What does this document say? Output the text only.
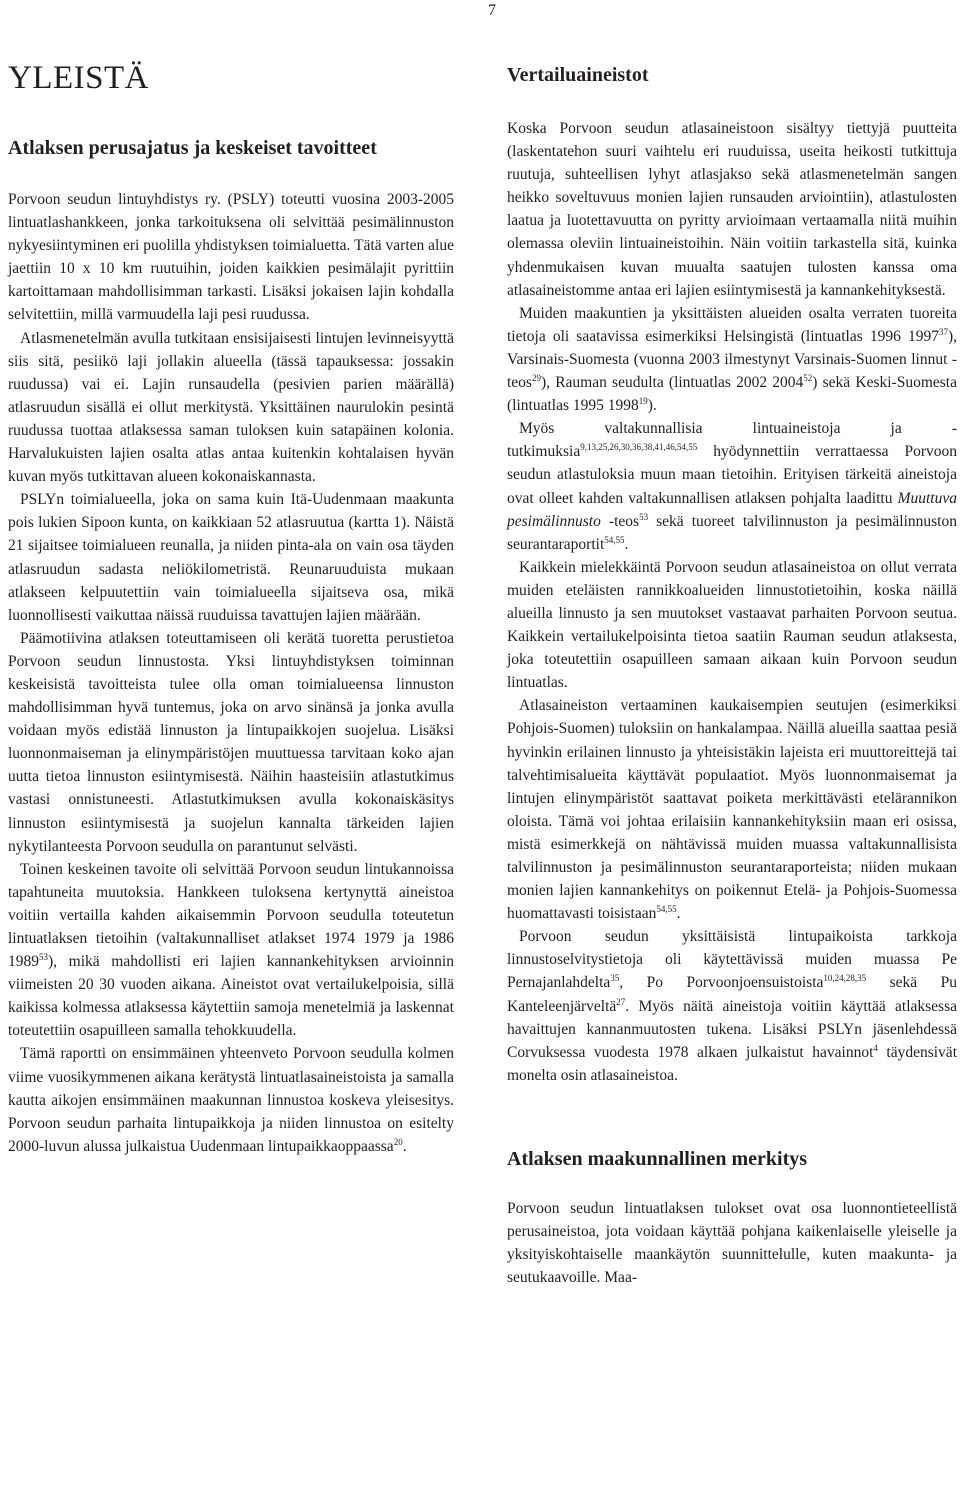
7
YLEISTÄ
Atlaksen perusajatus ja keskeiset tavoitteet

Porvoon seudun lintuyhdistys ry. (PSLY) toteutti vuosina 2003-2005 lintuatlashankkeen, jonka tarkoituksena oli selvittää pesimälinnuston nykyesiintyminen eri puolilla yhdistyksen toimialuetta. Tätä varten alue jaettiin 10 x 10 km ruutuihin, joiden kaikkien pesimälajit pyrittiin kartoittamaan mahdollisimman tarkasti. Lisäksi jokaisen lajin kohdalla selvitettiin, millä varmuudella laji pesi ruudussa.

Atlasmenetelmän avulla tutkitaan ensisijaisesti lintujen levinneisyyttä siis sitä, pesiikö laji jollakin alueella (tässä tapauksessa: jossakin ruudussa) vai ei. Lajin runsaudella (pesivien parien määrällä) atlasruudun sisällä ei ollut merkitystä. Yksittäinen naurulokin pesintä ruudussa tuottaa atlaksessa saman tuloksen kuin satapäinen kolonia. Harvalukuisten lajien osalta atlas antaa kuitenkin kohtalaisen hyvän kuvan myös tutkittavan alueen kokonaiskannasta.

PSLYn toimialueella, joka on sama kuin Itä-Uudenmaan maakunta pois lukien Sipoon kunta, on kaikkiaan 52 atlasruutua (kartta 1). Näistä 21 sijaitsee toimialueen reunalla, ja niiden pinta-ala on vain osa täyden atlasruudun sadasta neliökilometristä. Reunaruuduista mukaan atlakseen kelpuutettiin vain toimialueella sijaitseva osa, mikä luonnollisesti vaikuttaa näissä ruuduissa tavattujen lajien määrään.

Päämotiivina atlaksen toteuttamiseen oli kerätä tuoretta perustietoa Porvoon seudun linnustosta. Yksi lintuyhdistyksen toiminnan keskeisistä tavoitteista tulee olla oman toimialueensa linnuston mahdollisimman hyvä tuntemus, joka on arvo sinänsä ja jonka avulla voidaan myös edistää linnuston ja lintupaikkojen suojelua. Lisäksi luonnonmaiseman ja elinympäristöjen muuttuessa tarvitaan koko ajan uutta tietoa linnuston esiintymisestä. Näihin haasteisiin atlastutkimus vastasi onnistuneesti. Atlastutkimuksen avulla kokonaiskäsitys linnuston esiintymisestä ja suojelun kannalta tärkeiden lajien nykytilanteesta Porvoon seudulla on parantunut selvästi.

Toinen keskeinen tavoite oli selvittää Porvoon seudun lintukannoissa tapahtuneita muutoksia. Hankkeen tuloksena kertynyttä aineistoa voitiin vertailla kahden aikaisemmin Porvoon seudulla toteutetun lintuatlaksen tietoihin (valtakunnalliset atlakset 1974 1979 ja 1986 1989$^{53}$), mikä mahdollisti eri lajien kannankehityksen arvioinnin viimeisten 20 30 vuoden aikana. Aineistot ovat vertailukelpoisia, sillä kaikissa kolmessa atlaksessa käytettiin samoja menetelmiä ja laskennat toteutettiin osapuilleen samalla tehokkuudella.

Tämä raportti on ensimmäinen yhteenveto Porvoon seudulla kolmen viime vuosikymmenen aikana kerätystä lintuatlasaineistoista ja samalla kautta aikojen ensimmäinen maakunnan linnustoa koskeva yleisesitys. Porvoon seudun parhaita lintupaikkoja ja niiden linnustoa on esitelty 2000-luvun alussa julkaistua Uudenmaan lintupaikkaoppaassa$^{20}$.

Vertailuaineistot

Koska Porvoon seudun atlasaineistoon sisältyy tiettyjä puutteita (laskentatehon suuri vaihtelu eri ruuduissa, useita heikosti tutkittuja ruutuja, suhteellisen lyhyt atlasjakso sekä atlasmenetelmän sangen heikko soveltuvuus monien lajien runsauden arviointiin), atlastulosten laatua ja luotettavuutta on pyritty arvioimaan vertaamalla niitä muihin olemassa oleviin lintuaineistoihin. Näin voitiin tarkastella sitä, kuinka yhdenmukaisen kuvan muualta saatujen tulosten kanssa oma atlasaineistomme antaa eri lajien esiintymisestä ja kannankehityksestä.

Muiden maakuntien ja yksittäisten alueiden osalta verraten tuoreita tietoja oli saatavissa esimerkiksi Helsingistä (lintuatlas 1996 1997$^{37}$), Varsinais-Suomesta (vuonna 2003 ilmestynyt Varsinais-Suomen linnut -teos$^{29}$), Rauman seudulta (lintuatlas 2002 2004$^{52}$) sekä Keski-Suomesta (lintuatlas 1995 1998$^{19}$).

Myös valtakunnallisia lintuaineistoja ja -tutkimuksia$^{9,13,25,26,30,36,38,41,46,54,55}$ hyödynnettiin verrattaessa Porvoon seudun atlastuloksia muun maan tietoihin. Erityisen tärkeitä aineistoja ovat olleet kahden valtakunnallisen atlaksen pohjalta laadittu Muuttuva pesimälinnusto -teos$^{53}$ sekä tuoreet talvilinnuston ja pesimälinnuston seurantaraportit$^{54,55}$.

Kaikkein mielekkäintä Porvoon seudun atlasaineistoa on ollut verrata muiden eteläisten rannikkoalueiden linnustotietoihin, koska näillä alueilla linnusto ja sen muutokset vastaavat parhaiten Porvoon seutua. Kaikkein vertailukelpoisinta tietoa saatiin Rauman seudun atlaksesta, joka toteutettiin osapuilleen samaan aikaan kuin Porvoon seudun lintuatlas.

Atlasaineiston vertaaminen kaukaisempien seutujen (esimerkiksi Pohjois-Suomen) tuloksiin on hankalampaa. Näillä alueilla saattaa pesiä hyvinkin erilainen linnusto ja yhteisistäkin lajeista eri muuttoreittejä tai talvehtimisalueita käyttävät populaatiot. Myös luonnonmaisemat ja lintujen elinympäristöt saattavat poiketa merkittävästi etelärannikon oloista. Tämä voi johtaa erilaisiin kannankehityksiin maan eri osissa, mistä esimerkkejä on nähtävissä muiden muassa valtakunnallisista talvilinnuston ja pesimälinnuston seurantaraporteista; niiden mukaan monien lajien kannankehitys on poikennut Etelä- ja Pohjois-Suomessa huomattavasti toisistaan$^{54,55}$.

Porvoon seudun yksittäisistä lintupaikoista tarkkoja linnustoselvitystietoja oli käytettävissä muiden muassa Pe Pernajanlahdelta$^{35}$, Po Porvoonjoensuistoista$^{10,24,28,35}$ sekä Pu Kanteleenjärveltä$^{27}$. Myös näitä aineistoja voitiin käyttää atlaksessa havaittujen kannanmuutosten tukena. Lisäksi PSLYn jäsenlehdessä Corvuksessa vuodesta 1978 alkaen julkaistut havainnot$^4$ täydensivät monelta osin atlasaineistoa.

Atlaksen maakunnallinen merkitys

Porvoon seudun lintuatlaksen tulokset ovat osa luonnontieteellistä perusaineistoa, jota voidaan käyttää pohjana kaikenlaiselle yleiselle ja yksityiskohtaiselle maankäytön suunnittelulle, kuten maakunta- ja seutukaavoille. Maa-
